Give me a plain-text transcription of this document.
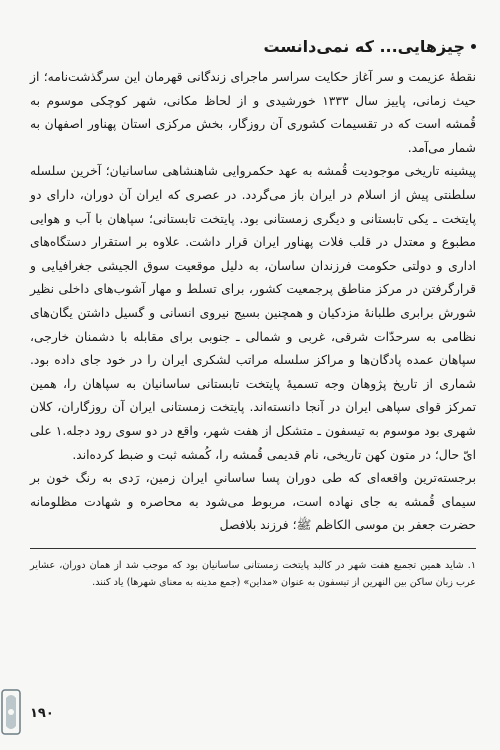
چیزهایی... که نمی‌دانست

نقطهٔ عزیمت و سر آغاز حکایت سراسر ماجرای زندگانی قهرمان این سرگذشت‌نامه؛ از حیث زمانی، پاییز سال ۱۳۳۳ خورشیدی و از لحاظ مکانی، شهر کوچکی موسوم به قُمشه است که در تقسیمات کشوری آن روزگار، بخش مرکزی استان پهناور اصفهان به شمار می‌آمد.

پیشینه تاریخی موجودیت قُمشه به عهد حکمروایی شاهنشاهی ساسانیان؛ آخرین سلسله سلطنتی پیش از اسلام در ایران باز می‌گردد. در عصری که ایران آن دوران، دارای دو پایتخت ـ یکی تابستانی و دیگری زمستانی بود. پایتخت تابستانی؛ سپاهان با آب و هوایی مطبوع و معتدل در قلب فلات پهناور ایران قرار داشت. علاوه بر استقرار دستگاه‌های اداری و دولتی حکومت فرزندان ساسان، به دلیل موقعیت سوق الجیشی جغرافیایی و قرارگرفتن در مرکز مناطق پرجمعیت کشور، برای تسلط و مهار آشوب‌های داخلی نظیر شورش برابری طلبانهٔ مزدکیان و همچنین بسیج نیروی انسانی و گسیل داشتن یگان‌های نظامی به سرحدّات شرقی، غربی و شمالی ـ جنوبی برای مقابله با دشمنان خارجی، سپاهان عمده پادگان‌ها و مراکز سلسله مراتب لشکری ایران را در خود جای داده بود. شماری از تاریخ پژوهان وجه تسمیهٔ پایتخت تابستانی ساسانیان به سپاهان را، همین تمرکز قوای سپاهی ایران در آنجا دانسته‌اند. پایتخت زمستانی ایران آن روزگاران، کلان شهری بود موسوم به تیسفون ـ متشکل از هفت شهر، واقع در دو سوی رود دجله.۱ علی ایّ حال؛ در متون کهن تاریخی، نام قدیمی قُمشه را، کُمشه ثبت و ضبط کرده‌اند.

برجسته‌ترین واقعه‌ای که طی دوران پسا ساسانیِ ایران زمین، رَدی به رنگ خون بر سیمای قُمشه به جای نهاده است، مربوط می‌شود به محاصره و شهادت مظلومانه حضرت جعفر بن موسی الکاظم ﷺ؛ فرزند بلافصل

۱. شاید همین تجمیع هفت شهر در کالبد پایتخت زمستانی ساسانیان بود که موجب شد از همان دوران، عشایر عرب زبان ساکن بین النهرین از تیسفون به عنوان «مداین» (جمع مدینه به معنای شهرها) یاد کنند.

۱۹۰
